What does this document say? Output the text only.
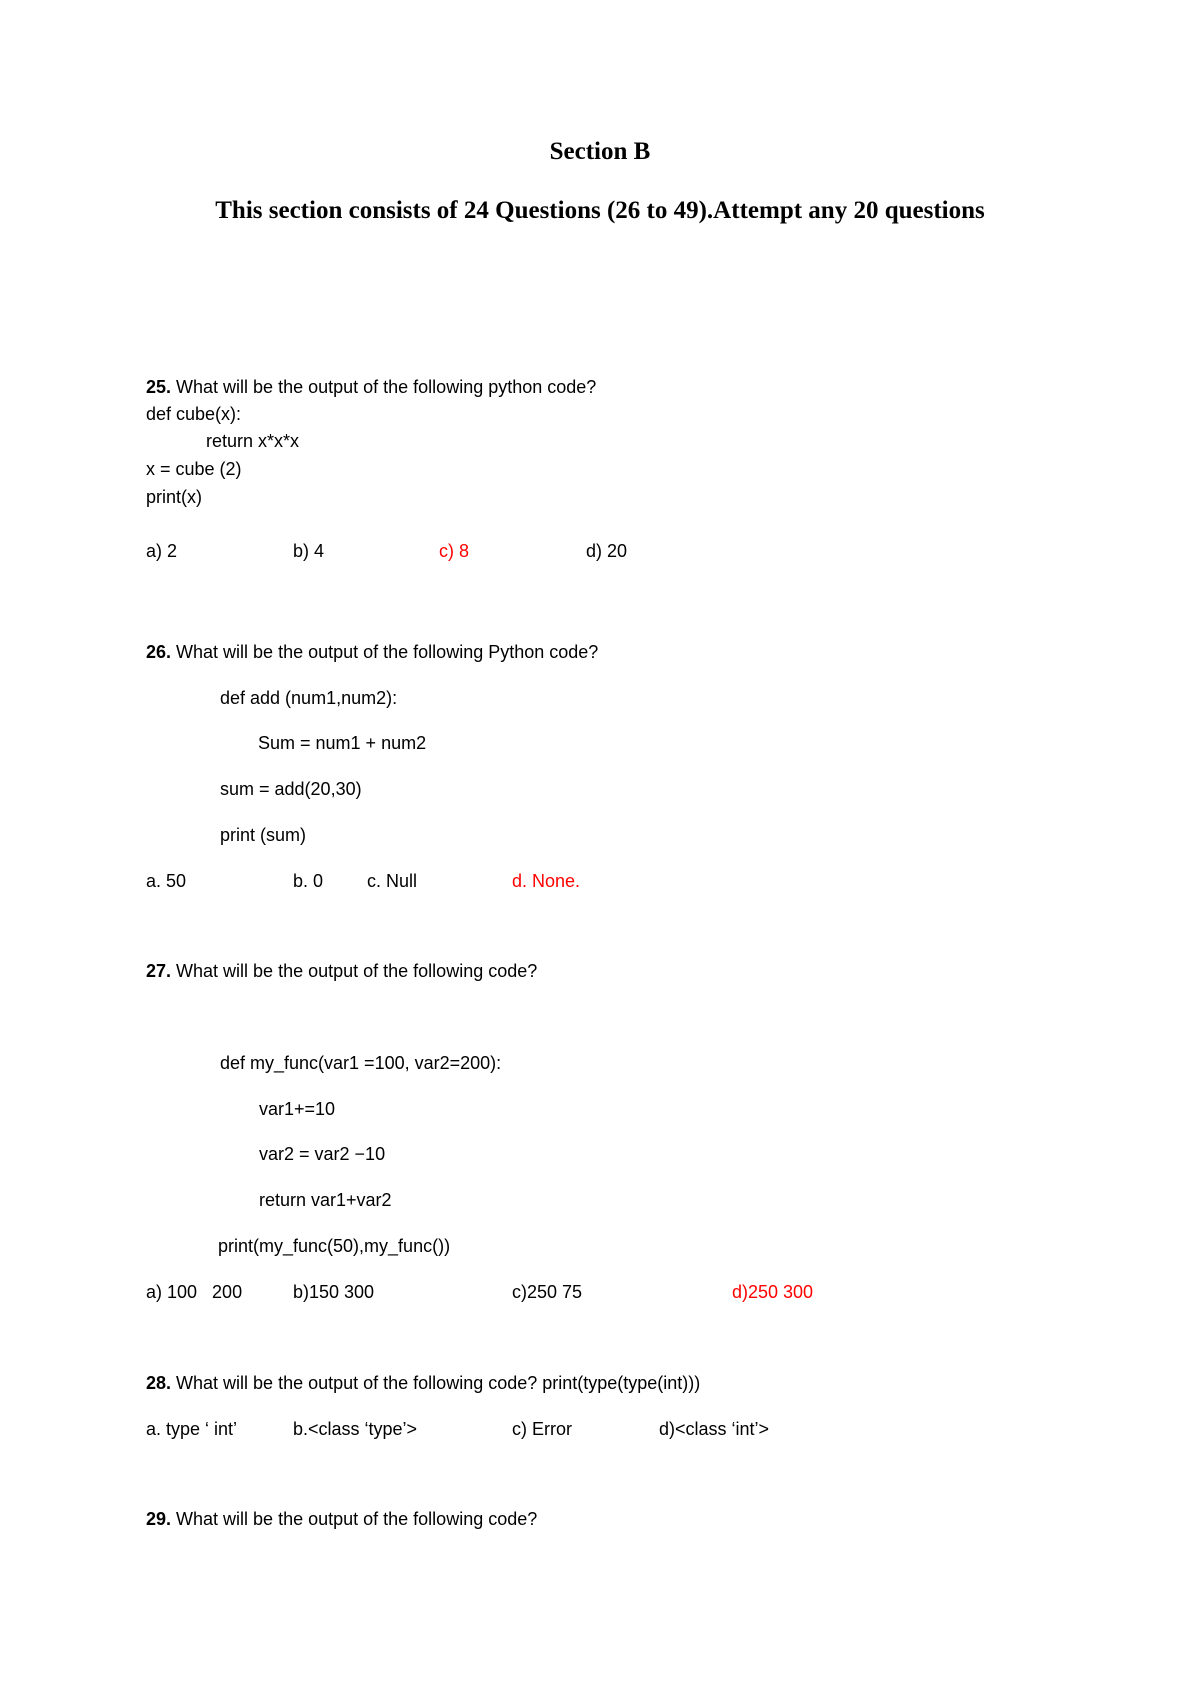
Section B
This section consists of 24 Questions (26 to 49).Attempt any 20 questions
25. What will be the output of the following python code?
def cube(x):
return x*x*x
x = cube (2)
print(x)
a) 2	b) 4	c) 8	d) 20
26. What will be the output of the following Python code?
def add (num1,num2):
Sum = num1 + num2
sum = add(20,30)
print (sum)
a. 50	b. 0 c. Null	d. None.
27. What will be the output of the following code?
def my_func(var1 =100, var2=200):
var1+=10
var2 = var2 −10
return var1+var2
print(my_func(50),my_func())
a) 100   200	b)150 300	c)250 75	d)250 300
28. What will be the output of the following code? print(type(type(int)))
a. type ‘ int’	b.<class ‘type’>	c) Error	d)<class ‘int’>
29. What will be the output of the following code?
